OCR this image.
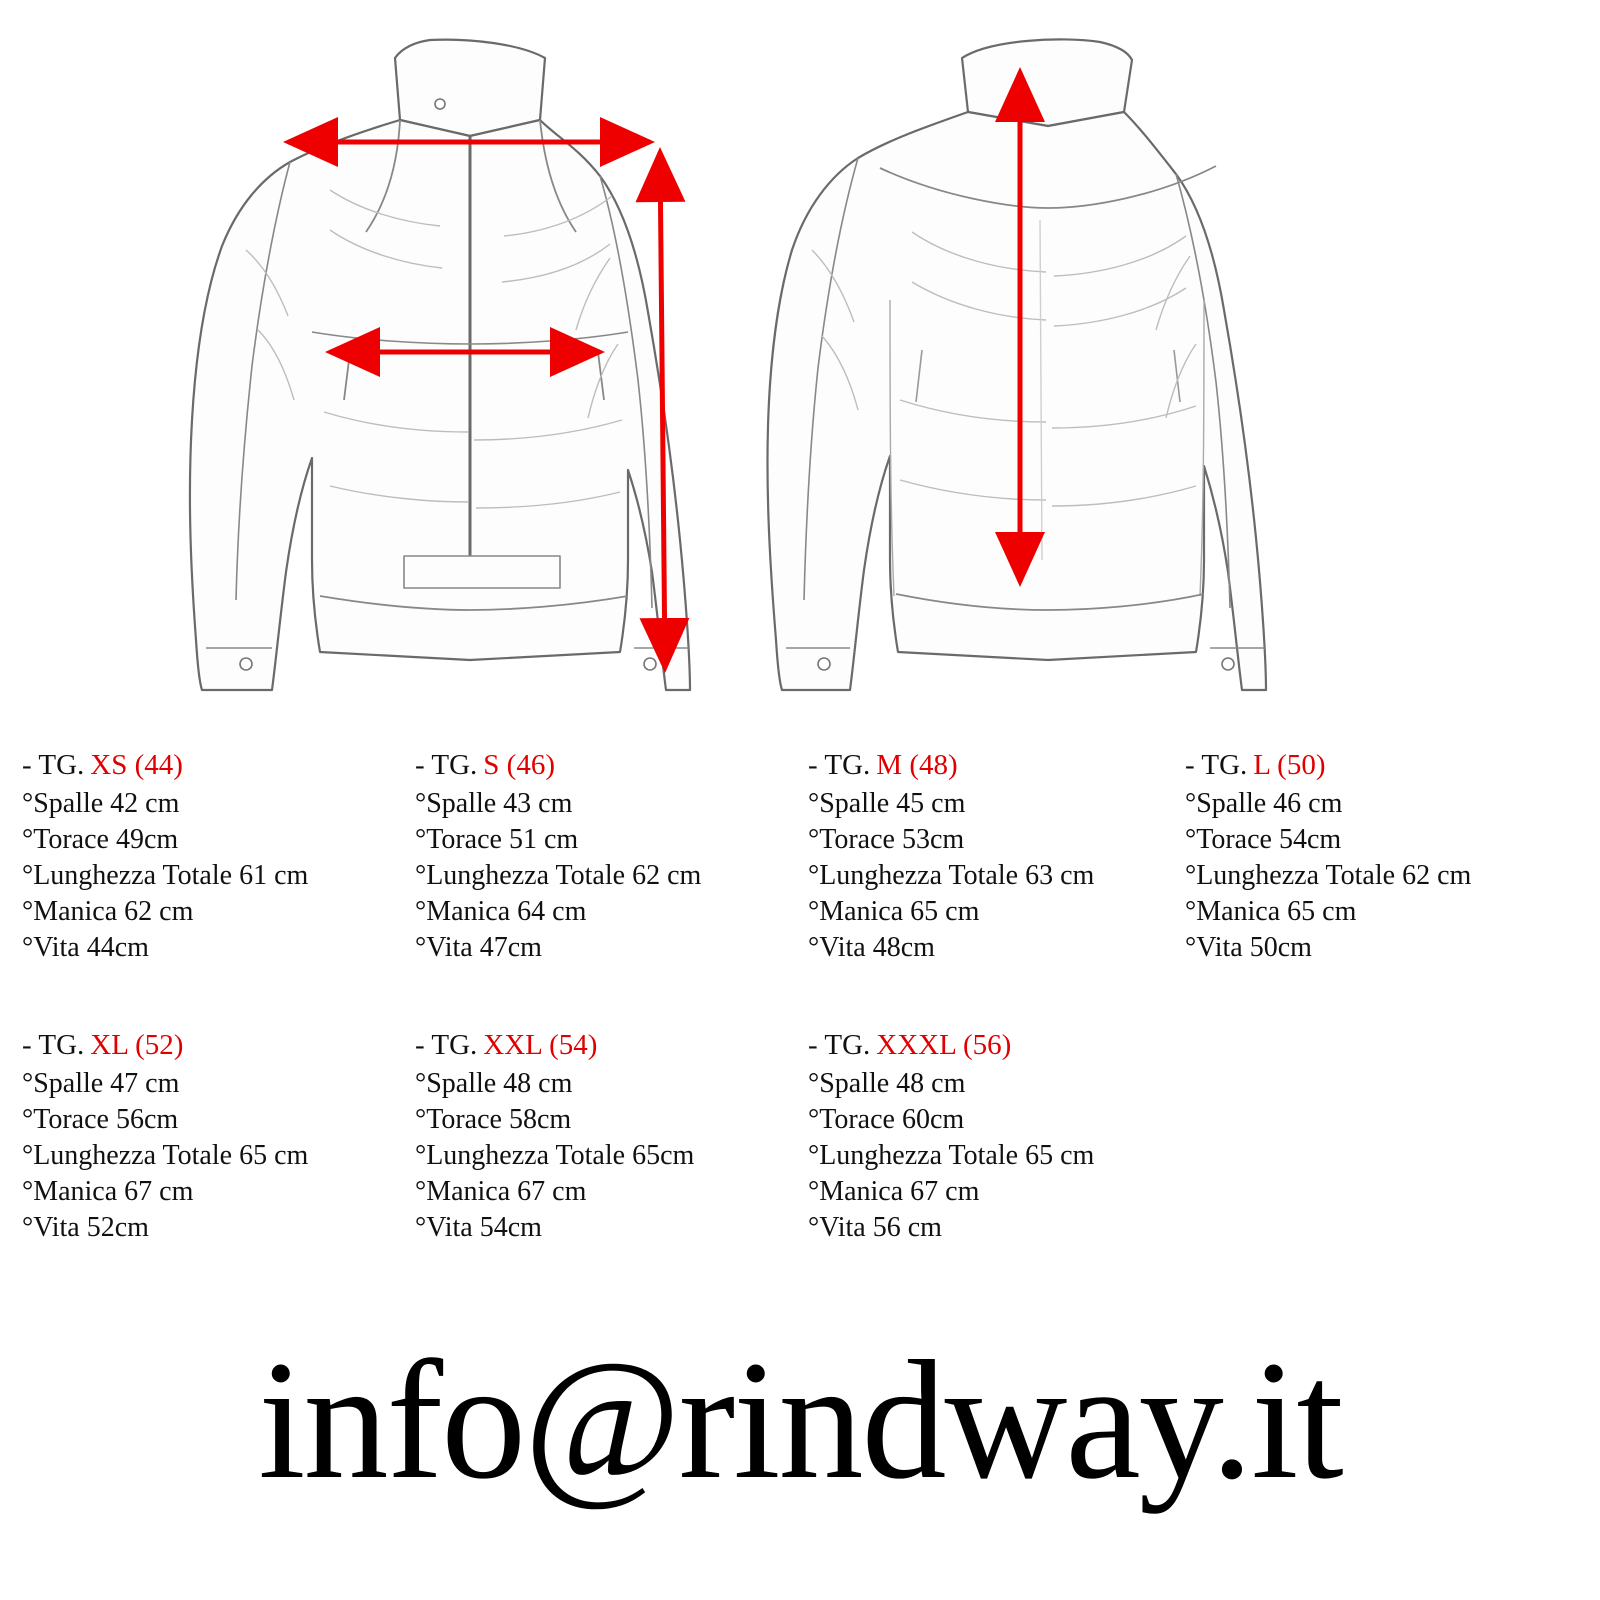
- TG. XS (44)
°Spalle 42 cm
°Torace 49cm
°Lunghezza Totale 61 cm
°Manica 62 cm
°Vita 44cm
- TG. S (46)
°Spalle 43 cm
°Torace 51 cm
°Lunghezza Totale 62 cm
°Manica 64 cm
°Vita 47cm
- TG. M (48)
°Spalle 45 cm
°Torace 53cm
°Lunghezza Totale 63 cm
°Manica 65 cm
°Vita 48cm
- TG. L (50)
°Spalle 46 cm
°Torace 54cm
°Lunghezza Totale 62 cm
°Manica 65 cm
°Vita 50cm
- TG. XL (52)
°Spalle 47 cm
°Torace 56cm
°Lunghezza Totale 65 cm
°Manica 67 cm
°Vita 52cm
- TG. XXL (54)
°Spalle 48 cm
°Torace 58cm
°Lunghezza Totale 65cm
°Manica 67 cm
°Vita 54cm
- TG. XXXL (56)
°Spalle 48 cm
°Torace 60cm
°Lunghezza Totale 65 cm
°Manica 67 cm
°Vita 56 cm
info@rindway.it
